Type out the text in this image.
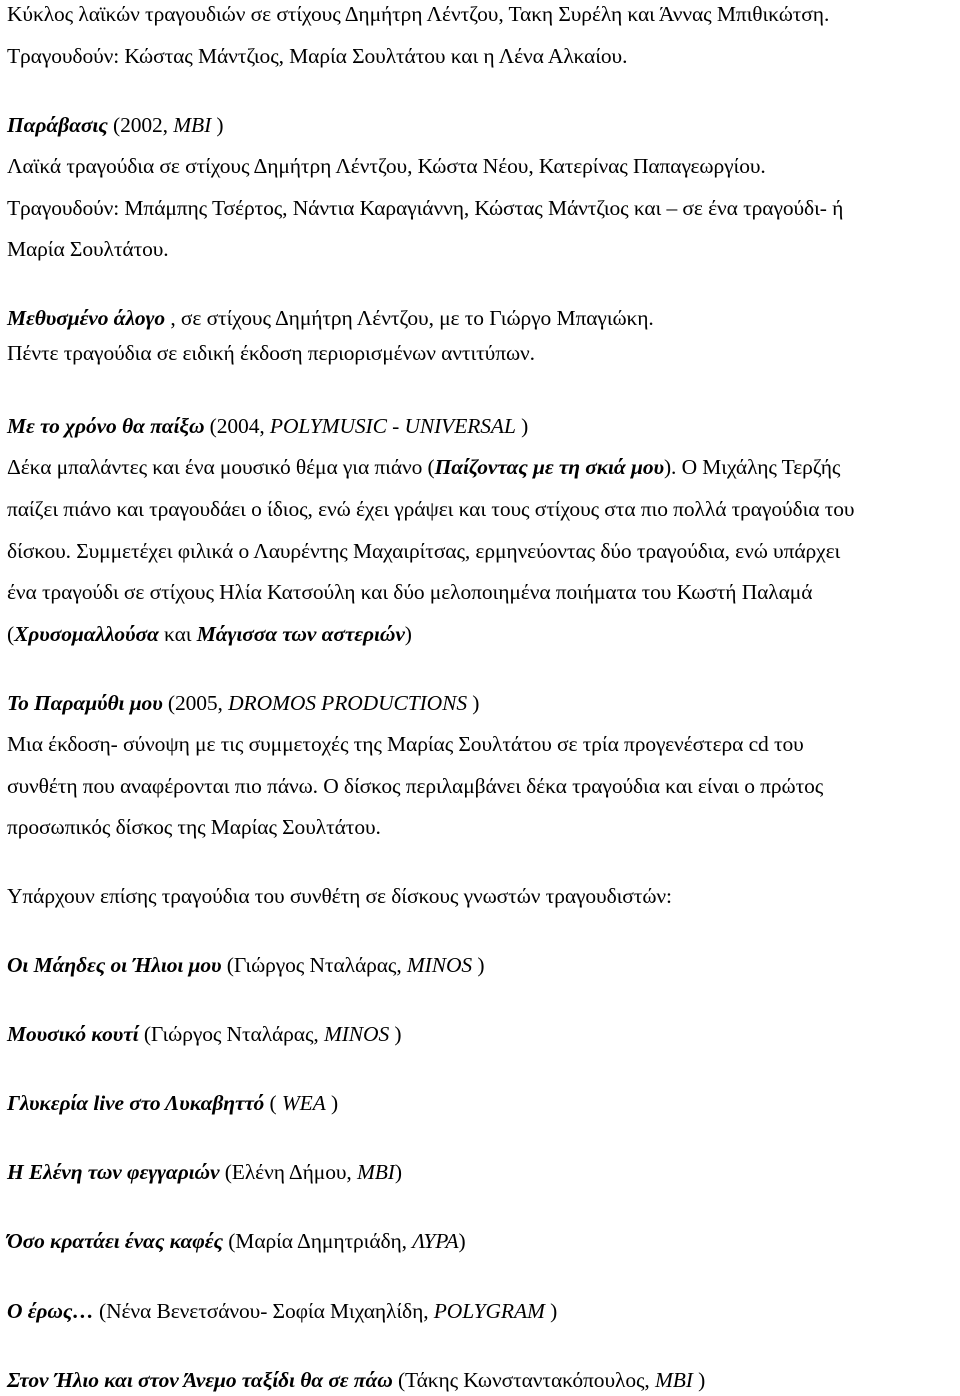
Κύκλος λαϊκών τραγουδιών σε στίχους Δημήτρη Λέντζου, Τακη Συρέλη και Άννας Μπιθικώτση.
Τραγουδούν: Κώστας Μάντζιος, Μαρία Σουλτάτου και η Λένα Αλκαίου.
Παράβασις (2002, MBI )
Λαϊκά τραγούδια σε στίχους Δημήτρη Λέντζου, Κώστα Νέου, Κατερίνας Παπαγεωργίου.
Τραγουδούν: Μπάμπης Τσέρτος, Νάντια Καραγιάννη, Κώστας Μάντζιος και – σε ένα τραγούδι- ή
Μαρία Σουλτάτου.
Μεθυσμένο άλογο , σε στίχους Δημήτρη Λέντζου, με το Γιώργο Μπαγιώκη.
Πέντε τραγούδια σε ειδική έκδοση περιορισμένων αντιτύπων.
Με το χρόνο θα παίξω (2004, POLYMUSIC - UNIVERSAL )
Δέκα μπαλάντες και ένα μουσικό θέμα για πιάνο (Παίζοντας με τη σκιά μου). Ο Μιχάλης Τερζής
παίζει πιάνο και τραγουδάει ο ίδιος, ενώ έχει γράψει και τους στίχους στα πιο πολλά τραγούδια του
δίσκου. Συμμετέχει φιλικά ο Λαυρέντης Μαχαιρίτσας, ερμηνεύοντας δύο τραγούδια, ενώ υπάρχει
ένα τραγούδι σε στίχους Ηλία Κατσούλη και δύο μελοποιημένα ποιήματα του Κωστή Παλαμά
(Χρυσομαλλούσα και Μάγισσα των αστεριών)
Το Παραμύθι μου (2005, DROMOS PRODUCTIONS )
Μια έκδοση- σύνοψη με τις συμμετοχές της Μαρίας Σουλτάτου σε τρία προγενέστερα cd του
συνθέτη που αναφέρονται πιο πάνω. Ο δίσκος περιλαμβάνει δέκα τραγούδια και είναι ο πρώτος
προσωπικός δίσκος της Μαρίας Σουλτάτου.
Υπάρχουν επίσης τραγούδια του συνθέτη σε δίσκους γνωστών τραγουδιστών:
Οι Μάηδες οι Ήλιοι μου (Γιώργος Νταλάρας, MINOS )
Μουσικό κουτί (Γιώργος Νταλάρας, MINOS )
Γλυκερία live στο Λυκαβηττό ( WEA )
Η Ελένη των φεγγαριών (Ελένη Δήμου, MBI)
Όσο κρατάει ένας καφές (Μαρία Δημητριάδη, ΛΥΡΑ)
Ο έρως… (Νένα Βενετσάνου- Σοφία Μιχαηλίδη, POLYGRAM )
Στον Ήλιο και στον Άνεμο ταξίδι θα σε πάω (Τάκης Κωνσταντακόπουλος, MBI )
